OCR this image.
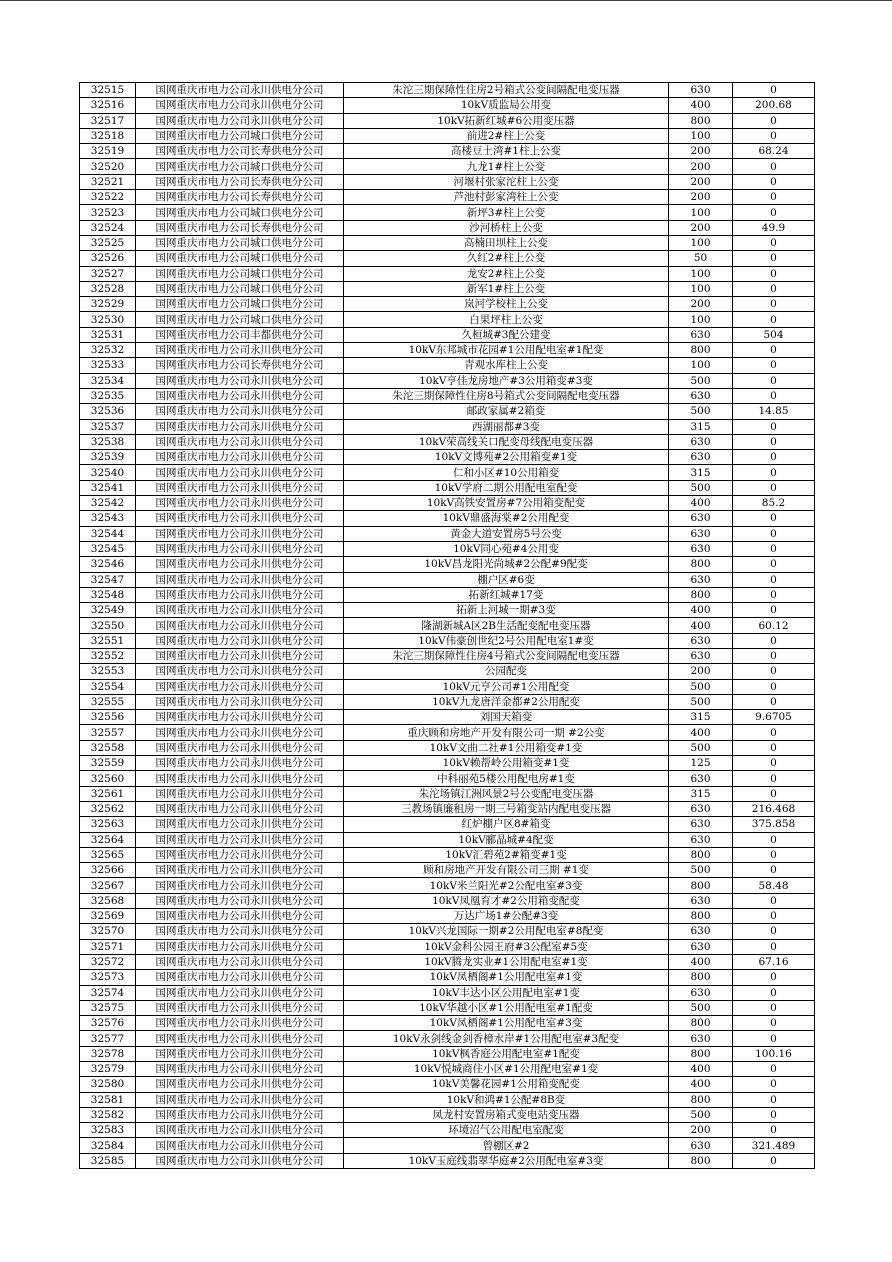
32515	国网重庆市电力公司永川供电分公司	朱沱三期保障性住房2号箱式公变间隔配电变压器	630	0
32516	国网重庆市电力公司永川供电分公司	10kV质监局公用变	400	200.68
32517	国网重庆市电力公司永川供电分公司	10kV拓新红城#6公用变压器	800	0
32518	国网重庆市电力公司城口供电分公司	前进2#柱上公变	100	0
32519	国网重庆市电力公司长寿供电分公司	高楼豆土湾#1柱上公变	200	68.24
32520	国网重庆市电力公司城口供电分公司	九龙1#柱上公变	200	0
32521	国网重庆市电力公司长寿供电分公司	河堰村张家沱柱上公变	200	0
32522	国网重庆市电力公司长寿供电分公司	芦池村彭家湾柱上公变	200	0
32523	国网重庆市电力公司城口供电分公司	新坪3#柱上公变	100	0
32524	国网重庆市电力公司长寿供电分公司	沙河桥柱上公变	200	49.9
32525	国网重庆市电力公司城口供电分公司	高楠田坝柱上公变	100	0
32526	国网重庆市电力公司城口供电分公司	久红2#柱上公变	50	0
32527	国网重庆市电力公司城口供电分公司	龙安2#柱上公变	100	0
32528	国网重庆市电力公司城口供电分公司	新军1#柱上公变	100	0
32529	国网重庆市电力公司城口供电分公司	岚河学校柱上公变	200	0
32530	国网重庆市电力公司城口供电分公司	白果坪柱上公变	100	0
32531	国网重庆市电力公司丰都供电分公司	久桓城#3配公建变	630	504
32532	国网重庆市电力公司永川供电分公司	10kV东邦城市花园#1公用配电室#1配变	800	0
32533	国网重庆市电力公司长寿供电分公司	青观水库柱上公变	100	0
32534	国网重庆市电力公司永川供电分公司	10kV亨佳龙房地产#3公用箱变#3变	500	0
32535	国网重庆市电力公司永川供电分公司	朱沱三期保障性住房8号箱式公变间隔配电变压器	630	0
32536	国网重庆市电力公司永川供电分公司	邮政家属#2箱变	500	14.85
32537	国网重庆市电力公司永川供电分公司	西湖丽都#3变	315	0
32538	国网重庆市电力公司永川供电分公司	10kV荣高线关口配变母线配电变压器	630	0
32539	国网重庆市电力公司永川供电分公司	10kV文博苑#2公用箱变#1变	630	0
32540	国网重庆市电力公司永川供电分公司	仁和小区#10公用箱变	315	0
32541	国网重庆市电力公司永川供电分公司	10kV学府二期公用配电室配变	500	0
32542	国网重庆市电力公司永川供电分公司	10kV高铁安置房#7公用箱变配变	400	85.2
32543	国网重庆市电力公司永川供电分公司	10kV鼎盛海棠#2公用配变	630	0
32544	国网重庆市电力公司永川供电分公司	黄金大道安置房5号公变	630	0
32545	国网重庆市电力公司永川供电分公司	10kV同心苑#4公用变	630	0
32546	国网重庆市电力公司永川供电分公司	10kV昌龙阳光尚城#2公配#9配变	800	0
32547	国网重庆市电力公司永川供电分公司	棚户区#6变	630	0
32548	国网重庆市电力公司永川供电分公司	拓新红城#17变	800	0
32549	国网重庆市电力公司永川供电分公司	拓新上河城一期#3变	400	0
32550	国网重庆市电力公司永川供电分公司	隆湖新城A区2B生活配变配电变压器	400	60.12
32551	国网重庆市电力公司永川供电分公司	10kV伟豪创世纪2号公用配电室1#变	630	0
32552	国网重庆市电力公司永川供电分公司	朱沱三期保障性住房4号箱式公变间隔配电变压器	630	0
32553	国网重庆市电力公司永川供电分公司	公园配变	200	0
32554	国网重庆市电力公司永川供电分公司	10kV元亨公司#1公用配变	500	0
32555	国网重庆市电力公司永川供电分公司	10kV九龙唐洋金都#2公用配变	500	0
32556	国网重庆市电力公司永川供电分公司	刘国天箱变	315	9.6705
32557	国网重庆市电力公司永川供电分公司	重庆顾和房地产开发有限公司一期 #2公变	400	0
32558	国网重庆市电力公司永川供电分公司	10kV文曲二社#1公用箱变#1变	500	0
32559	国网重庆市电力公司永川供电分公司	10kV赖帮岭公用箱变#1变	125	0
32560	国网重庆市电力公司永川供电分公司	中科丽苑5楼公用配电房#1变	630	0
32561	国网重庆市电力公司永川供电分公司	朱沱场镇江洲风景2号公变配电变压器	315	0
32562	国网重庆市电力公司永川供电分公司	三教场镇廉租房一期三号箱变站内配电变压器	630	216.468
32563	国网重庆市电力公司永川供电分公司	红炉棚户区8#箱变	630	375.858
32564	国网重庆市电力公司永川供电分公司	10kV郦晶城#4配变	630	0
32565	国网重庆市电力公司永川供电分公司	10kV汇碧苑2#箱变#1变	800	0
32566	国网重庆市电力公司永川供电分公司	顾和房地产开发有限公司三期 #1变	500	0
32567	国网重庆市电力公司永川供电分公司	10kV米兰阳光#2公配电室#3变	800	58.48
32568	国网重庆市电力公司永川供电分公司	10kV凤凰育才#2公用箱变配变	630	0
32569	国网重庆市电力公司永川供电分公司	万达广场1#公配#3变	800	0
32570	国网重庆市电力公司永川供电分公司	10kV兴龙国际一期#2公用配电室#8配变	630	0
32571	国网重庆市电力公司永川供电分公司	10kV金科公园王府#3公配室#5变	630	0
32572	国网重庆市电力公司永川供电分公司	10kV腾龙实业#1公用配电室#1变	400	67.16
32573	国网重庆市电力公司永川供电分公司	10kV凤栖阁#1公用配电室#1变	800	0
32574	国网重庆市电力公司永川供电分公司	10kV丰达小区公用配电室#1变	630	0
32575	国网重庆市电力公司永川供电分公司	10kV华越小区#1公用配电室#1配变	500	0
32576	国网重庆市电力公司永川供电分公司	10kV凤栖阁#1公用配电室#3变	800	0
32577	国网重庆市电力公司永川供电分公司	10kV永剑线金剑香樟水岸#1公用配电室#3配变	630	0
32578	国网重庆市电力公司永川供电分公司	10kV枫香庭公用配电室#1配变	800	100.16
32579	国网重庆市电力公司永川供电分公司	10kV悦城商住小区#1公用配电室#1变	400	0
32580	国网重庆市电力公司永川供电分公司	10kV美馨花园#1公用箱变配变	400	0
32581	国网重庆市电力公司永川供电分公司	10kV和鸿#1公配#8B变	800	0
32582	国网重庆市电力公司永川供电分公司	凤龙村安置房箱式变电站变压器	500	0
32583	国网重庆市电力公司永川供电分公司	环境沼气公用配电室配变	200	0
32584	国网重庆市电力公司永川供电分公司	曾棚区#2	630	321.489
32585	国网重庆市电力公司永川供电分公司	10kV玉庭线翡翠华庭#2公用配电室#3变	800	0
